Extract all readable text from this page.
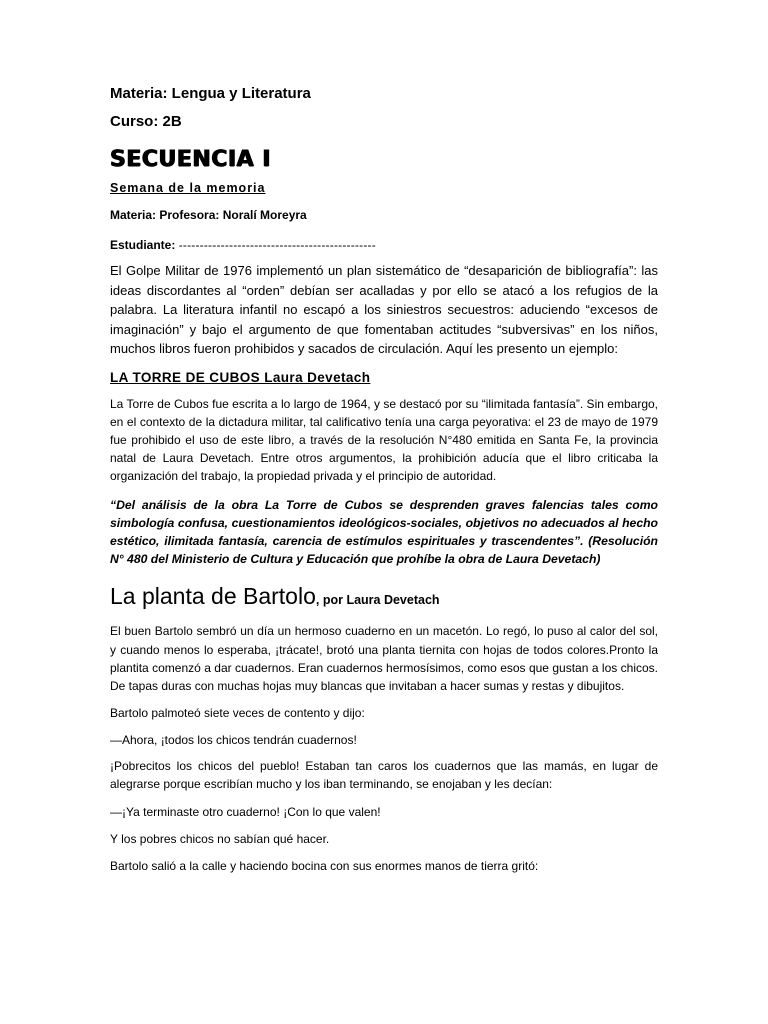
Materia: Lengua y Literatura

Curso: 2B

SECUENCIA I
Semana de la memoria

Materia: Profesora: Noralí Moreyra

Estudiante: -----------------------------------------------

El Golpe Militar de 1976 implementó un plan sistemático de “desaparición de bibliografía”: las ideas discordantes al “orden” debían ser acalladas y por ello se atacó a los refugios de la palabra. La literatura infantil no escapó a los siniestros secuestros: aduciendo “excesos de imaginación” y bajo el argumento de que fomentaban actitudes “subversivas” en los niños, muchos libros fueron prohibidos y sacados de circulación. Aquí les presento un ejemplo:

LA TORRE DE CUBOS Laura Devetach

La Torre de Cubos fue escrita a lo largo de 1964, y se destacó por su “ilimitada fantasía”. Sin embargo, en el contexto de la dictadura militar, tal calificativo tenía una carga peyorativa: el 23 de mayo de 1979 fue prohibido el uso de este libro, a través de la resolución N°480 emitida en Santa Fe, la provincia natal de Laura Devetach. Entre otros argumentos, la prohibición aducía que el libro criticaba la organización del trabajo, la propiedad privada y el principio de autoridad.

“Del análisis de la obra La Torre de Cubos se desprenden graves falencias tales como simbología confusa, cuestionamientos ideológicos-sociales, objetivos no adecuados al hecho estético, ilimitada fantasía, carencia de estímulos espirituales y trascendentes”. (Resolución N° 480 del Ministerio de Cultura y Educación que prohíbe la obra de Laura Devetach)

La planta de Bartolo, por Laura Devetach

El buen Bartolo sembró un día un hermoso cuaderno en un macetón. Lo regó, lo puso al calor del sol, y cuando menos lo esperaba, ¡trácate!, brotó una planta tiernita con hojas de todos colores.Pronto la plantita comenzó a dar cuadernos. Eran cuadernos hermosísimos, como esos que gustan a los chicos. De tapas duras con muchas hojas muy blancas que invitaban a hacer sumas y restas y dibujitos.

Bartolo palmoteó siete veces de contento y dijo:

—Ahora, ¡todos los chicos tendrán cuadernos!

¡Pobrecitos los chicos del pueblo! Estaban tan caros los cuadernos que las mamás, en lugar de alegrarse porque escribían mucho y los iban terminando, se enojaban y les decían:

—¡Ya terminaste otro cuaderno! ¡Con lo que valen!

Y los pobres chicos no sabían qué hacer.

Bartolo salió a la calle y haciendo bocina con sus enormes manos de tierra gritó:
